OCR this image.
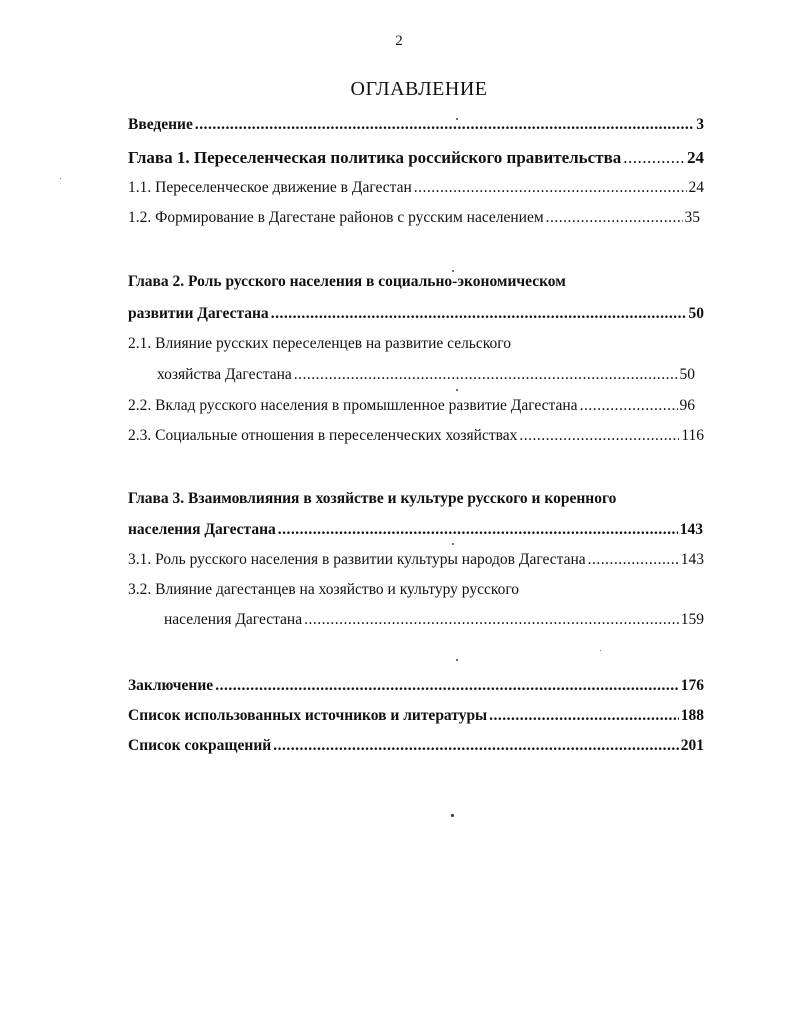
2
ОГЛАВЛЕНИЕ
Введение .....	3
Глава 1. Переселенческая политика российского правительства .....	24
1.1. Переселенческое движение в Дагестан .....	24
1.2. Формирование в Дагестане районов с русским населением .....	35
Глава 2. Роль русского населения в социально-экономическом
развитии Дагестана .....	50
2.1. Влияние русских переселенцев на развитие сельского
хозяйства Дагестана .....	50
2.2. Вклад русского населения в промышленное развитие Дагестана .....	96
2.3. Социальные отношения в переселенческих хозяйствах .....	116
Глава 3. Взаимовлияния в хозяйстве и культуре русского и коренного
населения Дагестана .....	143
3.1. Роль русского населения в развитии культуры народов Дагестана .....	143
3.2. Влияние дагестанцев на хозяйство и культуру русского
населения Дагестана .....	159
Заключение .....	176
Список использованных источников и литературы .....	188
Список сокращений .....	201
